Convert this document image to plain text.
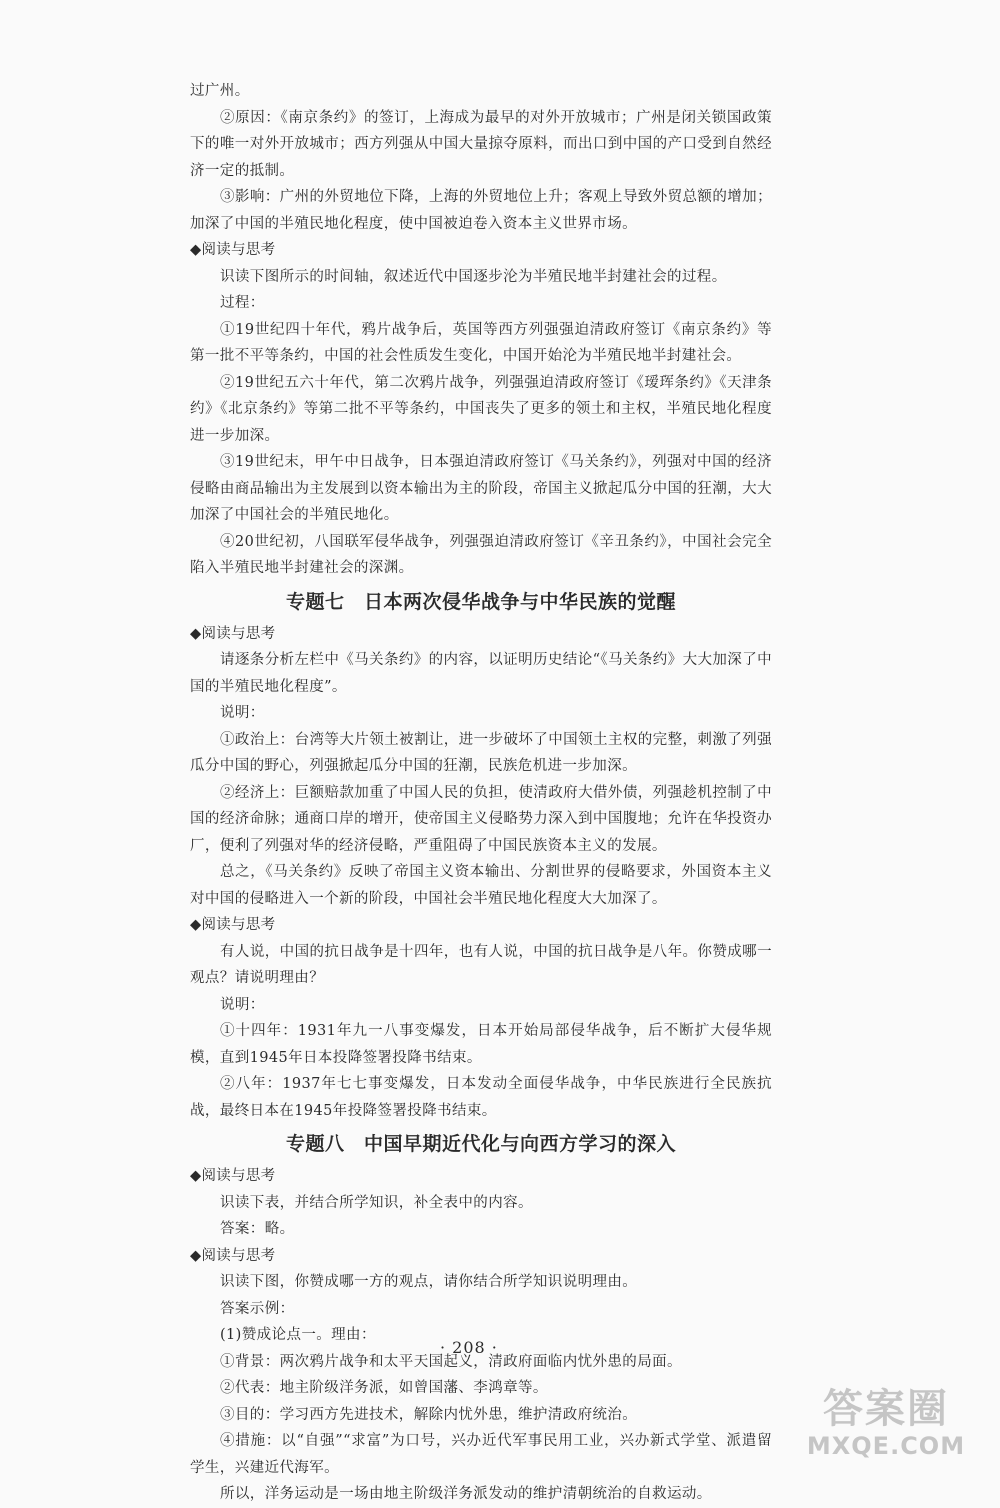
过广州。

②原因：《南京条约》的签订，上海成为最早的对外开放城市；广州是闭关锁国政策下的唯一对外开放城市；西方列强从中国大量掠夺原料，而出口到中国的产口受到自然经济一定的抵制。

③影响：广州的外贸地位下降，上海的外贸地位上升；客观上导致外贸总额的增加；加深了中国的半殖民地化程度，使中国被迫卷入资本主义世界市场。

◆阅读与思考

识读下图所示的时间轴，叙述近代中国逐步沦为半殖民地半封建社会的过程。

过程：

①19世纪四十年代，鸦片战争后，英国等西方列强强迫清政府签订《南京条约》等第一批不平等条约，中国的社会性质发生变化，中国开始沦为半殖民地半封建社会。

②19世纪五六十年代，第二次鸦片战争，列强强迫清政府签订《瑷珲条约》《天津条约》《北京条约》等第二批不平等条约，中国丧失了更多的领土和主权，半殖民地化程度进一步加深。

③19世纪末，甲午中日战争，日本强迫清政府签订《马关条约》，列强对中国的经济侵略由商品输出为主发展到以资本输出为主的阶段，帝国主义掀起瓜分中国的狂潮，大大加深了中国社会的半殖民地化。

④20世纪初，八国联军侵华战争，列强强迫清政府签订《辛丑条约》，中国社会完全陷入半殖民地半封建社会的深渊。

专题七　日本两次侵华战争与中华民族的觉醒

◆阅读与思考

请逐条分析左栏中《马关条约》的内容，以证明历史结论“《马关条约》大大加深了中国的半殖民地化程度”。

说明：

①政治上：台湾等大片领土被割让，进一步破坏了中国领土主权的完整，刺激了列强瓜分中国的野心，列强掀起瓜分中国的狂潮，民族危机进一步加深。

②经济上：巨额赔款加重了中国人民的负担，使清政府大借外债，列强趁机控制了中国的经济命脉；通商口岸的增开，使帝国主义侵略势力深入到中国腹地；允许在华投资办厂，便利了列强对华的经济侵略，严重阻碍了中国民族资本主义的发展。

总之，《马关条约》反映了帝国主义资本输出、分割世界的侵略要求，外国资本主义对中国的侵略进入一个新的阶段，中国社会半殖民地化程度大大加深了。

◆阅读与思考

有人说，中国的抗日战争是十四年，也有人说，中国的抗日战争是八年。你赞成哪一观点？请说明理由？

说明：

①十四年：1931年九一八事变爆发，日本开始局部侵华战争，后不断扩大侵华规模，直到1945年日本投降签署投降书结束。

②八年：1937年七七事变爆发，日本发动全面侵华战争，中华民族进行全民族抗战，最终日本在1945年投降签署投降书结束。

专题八　中国早期近代化与向西方学习的深入

◆阅读与思考

识读下表，并结合所学知识，补全表中的内容。

答案：略。

◆阅读与思考

识读下图，你赞成哪一方的观点，请你结合所学知识说明理由。

答案示例：

(1)赞成论点一。理由：

①背景：两次鸦片战争和太平天国起义，清政府面临内忧外患的局面。

②代表：地主阶级洋务派，如曾国藩、李鸿章等。

③目的：学习西方先进技术，解除内忧外患，维护清政府统治。

④措施：以“自强”“求富”为口号，兴办近代军事民用工业，兴办新式学堂、派遣留学生，兴建近代海军。

所以，洋务运动是一场由地主阶级洋务派发动的维护清朝统治的自救运动。

· 208 ·
答案圈
MXQE.COM
